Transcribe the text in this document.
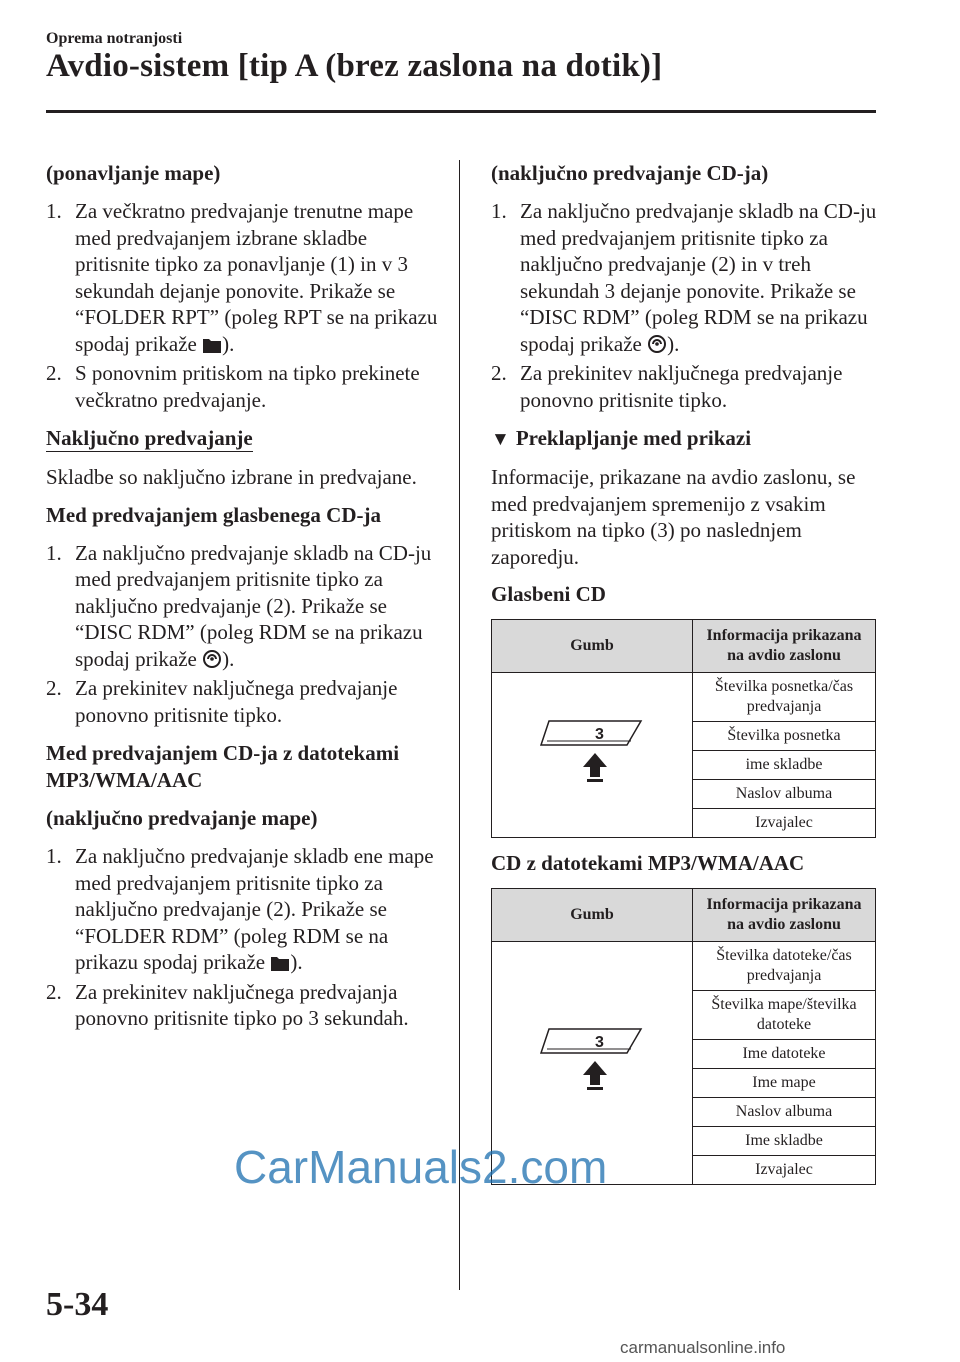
Oprema notranjosti
Avdio-sistem [tip A (brez zaslona na dotik)]
(ponavljanje mape)
1. Za večkratno predvajanje trenutne mape med predvajanjem izbrane skladbe pritisnite tipko za ponavljanje (1) in v 3 sekundah dejanje ponovite. Prikaže se “FOLDER RPT” (poleg RPT se na prikazu spodaj prikaže ).
2. S ponovnim pritiskom na tipko prekinete večkratno predvajanje.
Naključno predvajanje

Skladbe so naključno izbrane in predvajane.

Med predvajanjem glasbenega CD-ja
1. Za naključno predvajanje skladb na CD-ju med predvajanjem pritisnite tipko za naključno predvajanje (2). Prikaže se “DISC RDM” (poleg RDM se na prikazu spodaj prikaže ).
2. Za prekinitev naključnega predvajanje ponovno pritisnite tipko.
Med predvajanjem CD-ja z datotekami MP3/WMA/AAC
(naključno predvajanje mape)
1. Za naključno predvajanje skladb ene mape med predvajanjem pritisnite tipko za naključno predvajanje (2). Prikaže se “FOLDER RDM” (poleg RDM se na prikazu spodaj prikaže ).
2. Za prekinitev naključnega predvajanja ponovno pritisnite tipko po 3 sekundah.
(naključno predvajanje CD-ja)
1. Za naključno predvajanje skladb na CD-ju med predvajanjem pritisnite tipko za naključno predvajanje (2) in v treh sekundah 3 dejanje ponovite. Prikaže se “DISC RDM” (poleg RDM se na prikazu spodaj prikaže ).
2. Za prekinitev naključnega predvajanje ponovno pritisnite tipko.
▼ Preklapljanje med prikazi

Informacije, prikazane na avdio zaslonu, se med predvajanjem spremenijo z vsakim pritiskom na tipko (3) po naslednjem zaporedju.

Glasbeni CD
Gumb	Informacija prikazana na avdio zaslonu

3	Številka posnetka/čas predvajanja
	Številka posnetka
	ime skladbe
	Naslov albuma
	Izvajalec
CD z datotekami MP3/WMA/AAC
Gumb	Informacija prikazana na avdio zaslonu

3	Številka datoteke/čas predvajanja
	Številka mape/številka datoteke
	Ime datoteke
	Ime mape
	Naslov albuma
	Ime skladbe
	Izvajalec
CarManuals2.com
5-34
carmanualsonline.info
